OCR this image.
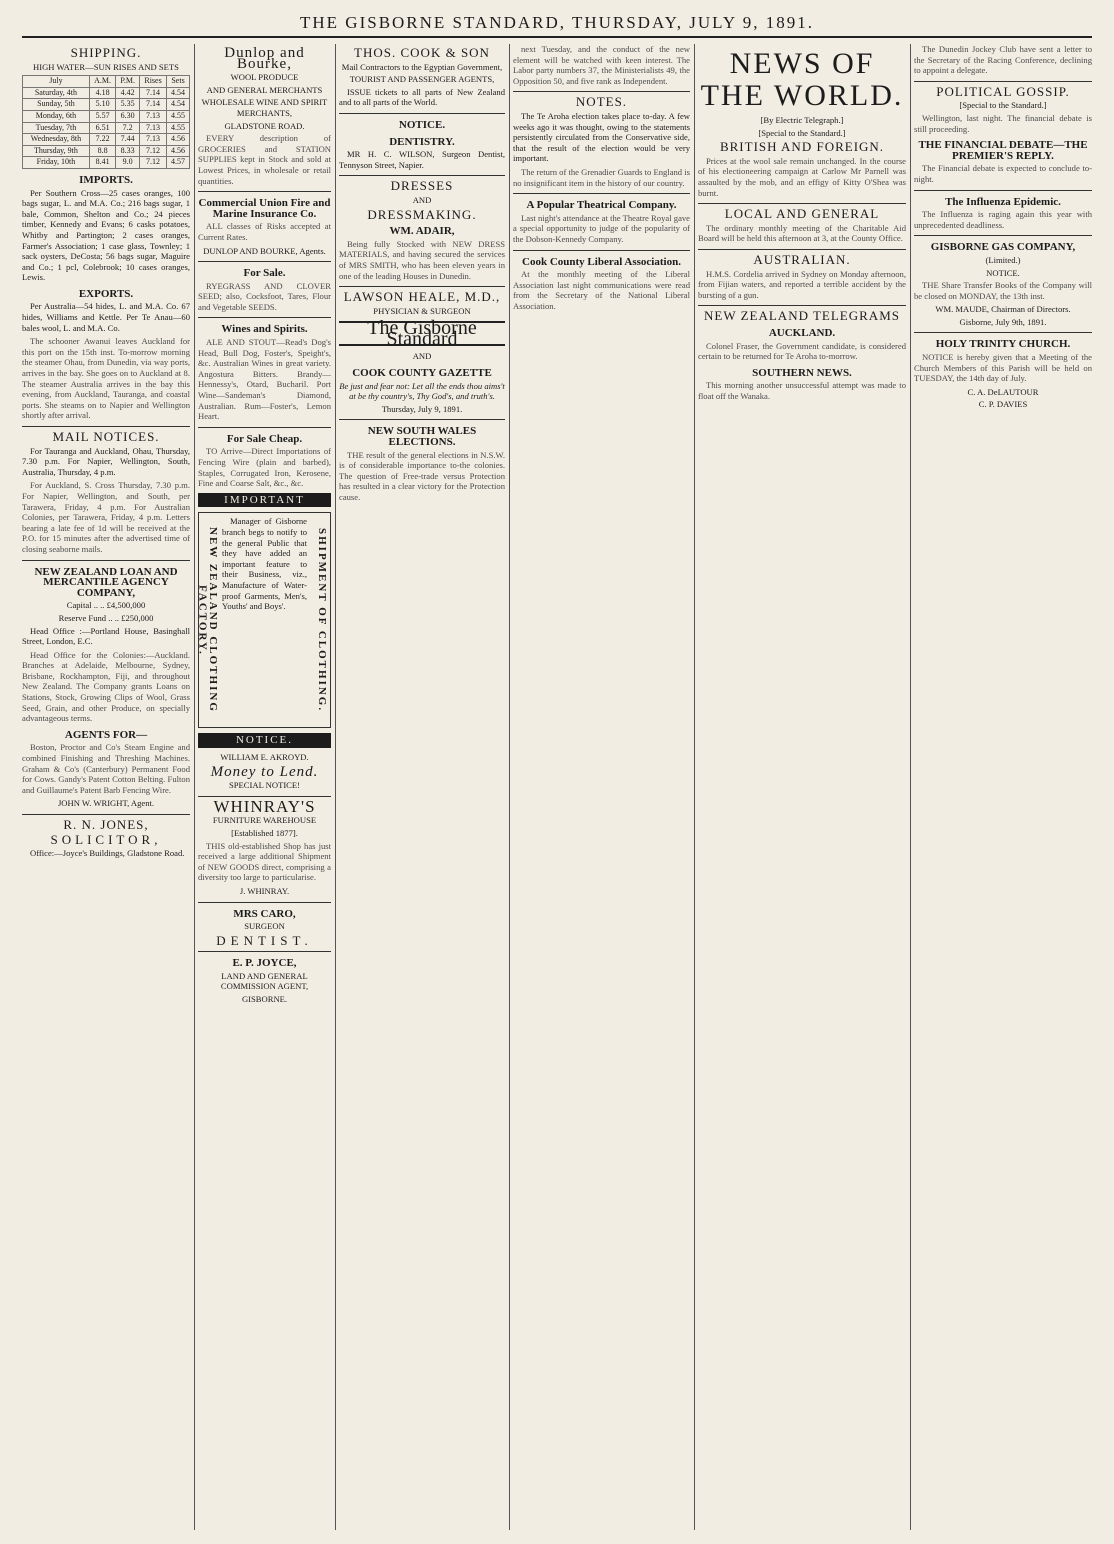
THE GISBORNE STANDARD, THURSDAY, JULY 9, 1891.
SHIPPING.
HIGH WATER—SUN RISES AND SETS
July	A.M.	P.M.	Rises	Sets
Saturday, 4th	4.18	4.42	7.14	4.54
Sunday, 5th	5.10	5.35	7.14	4.54
Monday, 6th	5.57	6.30	7.13	4.55
Tuesday, 7th	6.51	7.2	7.13	4.55
Wednesday, 8th	7.22	7.44	7.13	4.56
Thursday, 9th	8.8	8.33	7.12	4.56
Friday, 10th	8.41	9.0	7.12	4.57
IMPORTS.

Per Southern Cross—25 cases oranges, 100 bags sugar, L. and M.A. Co.; 216 bags sugar, 1 bale, Common, Shelton and Co.; 24 pieces timber, Kennedy and Evans; 6 casks potatoes, Whitby and Partington; 2 cases oranges, Farmer's Association; 1 case glass, Townley; 1 sack oysters, DeCosta; 56 bags sugar, Maguire and Co.; 1 pcl, Colebrook; 10 cases oranges, Lewis.

EXPORTS.

Per Australia—54 hides, L. and M.A. Co. 67 hides, Williams and Kettle. Per Te Anau—60 bales wool, L. and M.A. Co.

The schooner Awanui leaves Auckland for this port on the 15th inst. To-morrow morning the steamer Ohau, from Dunedin, via way ports, arrives in the bay. She goes on to Auckland at 8. The steamer Australia arrives in the bay this evening, from Auckland, Tauranga, and coastal ports. She steams on to Napier and Wellington shortly after arrival.

MAIL NOTICES.

For Tauranga and Auckland, Ohau, Thursday, 7.30 p.m. For Napier, Wellington, South, Australia, Thursday, 4 p.m.

For Auckland, S. Cross Thursday, 7.30 p.m. For Napier, Wellington, and South, per Tarawera, Friday, 4 p.m. For Australian Colonies, per Tarawera, Friday, 4 p.m. Letters bearing a late fee of 1d will be received at the P.O. for 15 minutes after the advertised time of closing seaborne mails.

NEW ZEALAND LOAN AND MERCANTILE AGENCY COMPANY,
Capital .. .. £4,500,000
Reserve Fund .. .. £250,000

Head Office :—Portland House, Basinghall Street, London, E.C.

Head Office for the Colonies:—Auckland. Branches at Adelaide, Melbourne, Sydney, Brisbane, Rockhampton, Fiji, and throughout New Zealand. The Company grants Loans on Stations, Stock, Growing Clips of Wool, Grass Seed, Grain, and other Produce, on specially advantageous terms.

AGENTS FOR—

Boston, Proctor and Co's Steam Engine and combined Finishing and Threshing Machines. Graham & Co's (Canterbury) Permanent Food for Cows. Gandy's Patent Cotton Belting. Fulton and Guillaume's Patent Barb Fencing Wire.

JOHN W. WRIGHT, Agent.
R. N. JONES,
SOLICITOR,

Office:—Joyce's Buildings, Gladstone Road.

Dunlop and Bourke,
WOOL PRODUCE
AND GENERAL MERCHANTS
WHOLESALE WINE AND SPIRIT MERCHANTS,
GLADSTONE ROAD.

EVERY description of GROCERIES and STATION SUPPLIES kept in Stock and sold at Lowest Prices, in wholesale or retail quantities.

Commercial Union Fire and Marine Insurance Co.

ALL classes of Risks accepted at Current Rates.

DUNLOP AND BOURKE, Agents.
For Sale.

RYEGRASS AND CLOVER SEED; also, Cocksfoot, Tares, Flour and Vegetable SEEDS.

Wines and Spirits.

ALE AND STOUT—Read's Dog's Head, Bull Dog, Foster's, Speight's, &c. Australian Wines in great variety. Angostura Bitters. Brandy—Hennessy's, Otard, Bucharil. Port Wine—Sandeman's Diamond, Australian. Rum—Foster's, Lemon Heart.

For Sale Cheap.

TO Arrive—Direct Importations of Fencing Wire (plain and barbed), Staples, Corrugated Iron, Kerosene, Fine and Coarse Salt, &c., &c.

IMPORTANT
NEW ZEALAND CLOTHING FACTORY.	SHIPMENT OF CLOTHING.

Manager of Gisborne branch begs to notify to the general Public that they have added an important feature to their Business, viz., Manufacture of Water-proof Garments, Men's, Youths' and Boys'.

NOTICE.
WILLIAM E. AKROYD.
Money to Lend.
SPECIAL NOTICE!
WHINRAY'S
FURNITURE WAREHOUSE
[Established 1877].

THIS old-established Shop has just received a large additional Shipment of NEW GOODS direct, comprising a diversity too large to particularise.

J. WHINRAY.
MRS CARO,
SURGEON
DENTIST.
E. P. JOYCE,
LAND AND GENERAL COMMISSION AGENT,
GISBORNE.
THOS. COOK & SON
Mail Contractors to the Egyptian Government,
TOURIST AND PASSENGER AGENTS,

ISSUE tickets to all parts of New Zealand and to all parts of the World.

NOTICE.
DENTISTRY.

MR H. C. WILSON, Surgeon Dentist, Tennyson Street, Napier.

DRESSES
AND
DRESSMAKING.
WM. ADAIR,

Being fully Stocked with NEW DRESS MATERIALS, and having secured the services of MRS SMITH, who has been eleven years in one of the leading Houses in Dunedin.

LAWSON HEALE, M.D.,
PHYSICIAN & SURGEON
The Gisborne Standard
AND
COOK COUNTY GAZETTE
Be just and fear not: Let all the ends thou aims't at be thy country's, Thy God's, and truth's.
Thursday, July 9, 1891.
NEW SOUTH WALES ELECTIONS.

THE result of the general elections in N.S.W. is of considerable importance to-the colonies. The question of Free-trade versus Protection has resulted in a clear victory for the Protection cause.

next Tuesday, and the conduct of the new element will be watched with keen interest. The Labor party numbers 37, the Ministerialists 49, the Opposition 50, and five rank as Independent.

NOTES.

The Te Aroha election takes place to-day. A few weeks ago it was thought, owing to the statements persistently circulated from the Conservative side, that the result of the election would be very important.

The return of the Grenadier Guards to England is no insignificant item in the history of our country.

A Popular Theatrical Company.

Last night's attendance at the Theatre Royal gave a special opportunity to judge of the popularity of the Dobson-Kennedy Company.

Cook County Liberal Association.

At the monthly meeting of the Liberal Association last night communications were read from the Secretary of the National Liberal Association.

NEWS OF THE WORLD.
[By Electric Telegraph.]
[Special to the Standard.]
BRITISH AND FOREIGN.

Prices at the wool sale remain unchanged. In the course of his electioneering campaign at Carlow Mr Parnell was assaulted by the mob, and an effigy of Kitty O'Shea was burnt.

LOCAL AND GENERAL

The ordinary monthly meeting of the Charitable Aid Board will be held this afternoon at 3, at the County Office.

AUSTRALIAN.

H.M.S. Cordelia arrived in Sydney on Monday afternoon, from Fijian waters, and reported a terrible accident by the bursting of a gun.

NEW ZEALAND TELEGRAMS
AUCKLAND.

Colonel Fraser, the Government candidate, is considered certain to be returned for Te Aroha to-morrow.

SOUTHERN NEWS.

This morning another unsuccessful attempt was made to float off the Wanaka.

The Dunedin Jockey Club have sent a letter to the Secretary of the Racing Conference, declining to appoint a delegate.

POLITICAL GOSSIP.
[Special to the Standard.]

Wellington, last night. The financial debate is still proceeding.

THE FINANCIAL DEBATE—THE PREMIER'S REPLY.

The Financial debate is expected to conclude to-night.

The Influenza Epidemic.

The Influenza is raging again this year with unprecedented deadliness.

GISBORNE GAS COMPANY,
(Limited.)
NOTICE.

THE Share Transfer Books of the Company will be closed on MONDAY, the 13th inst.

WM. MAUDE, Chairman of Directors.
Gisborne, July 9th, 1891.
HOLY TRINITY CHURCH.

NOTICE is hereby given that a Meeting of the Church Members of this Parish will be held on TUESDAY, the 14th day of July.

C. A. DeLAUTOUR
C. P. DAVIES
